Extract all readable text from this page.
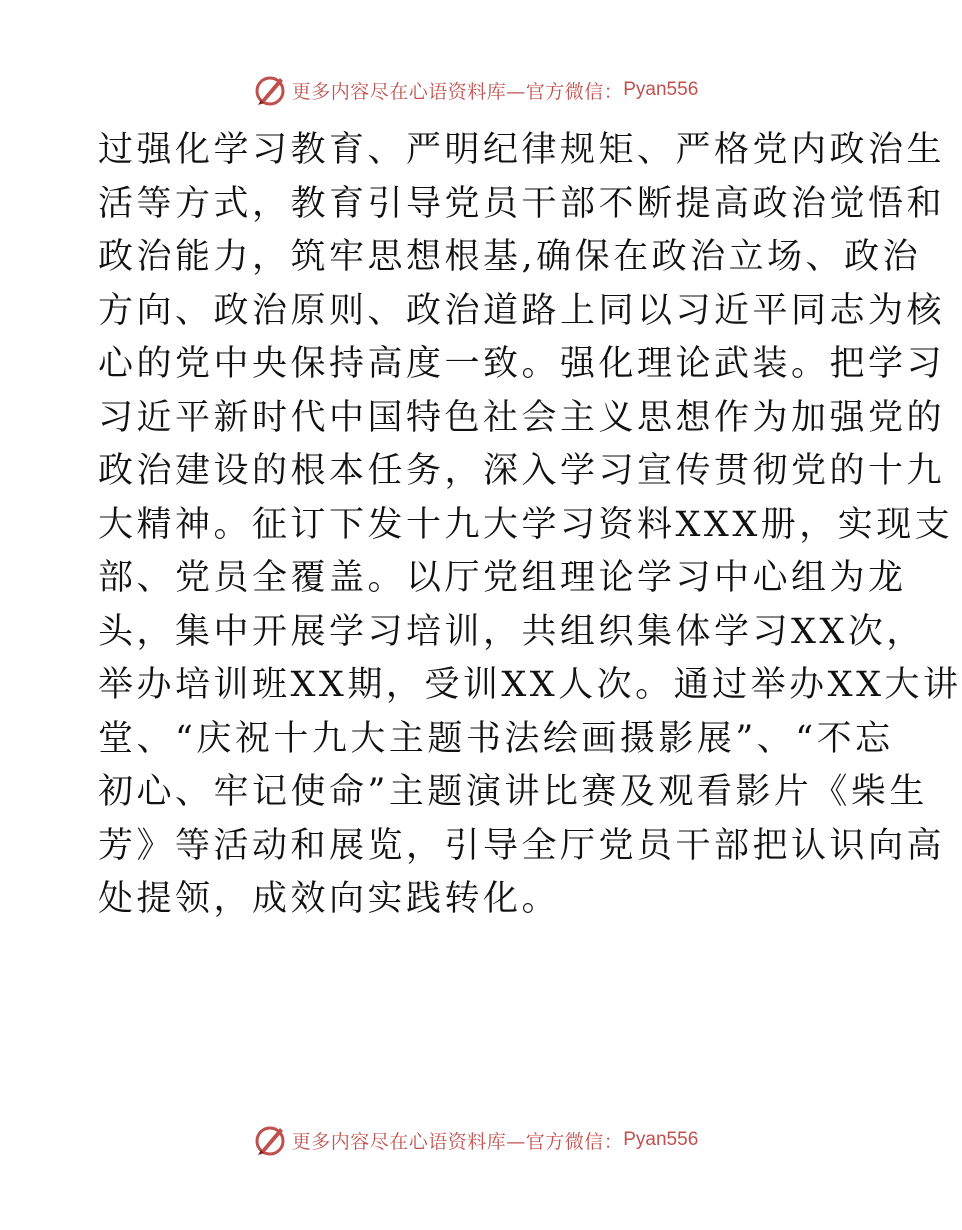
更多内容尽在心语资料库— 官方微信： Pyan556
过强化学习教育、严明纪律规矩、严格党内政治生
活等方式，教育引导党员干部不断提高政治觉悟和
政治能力，筑牢思想根基,确保在政治立场、政治
方向、政治原则、政治道路上同以习近平同志为核
心的党中央保持高度一致。强化理论武装。把学习
习近平新时代中国特色社会主义思想作为加强党的
政治建设的根本任务，深入学习宣传贯彻党的十九
大精神。征订下发十九大学习资料XXX册，实现支
部、党员全覆盖。以厅党组理论学习中心组为龙
头，集中开展学习培训，共组织集体学习XX次，
举办培训班XX期，受训XX人次。通过举办XX大讲
堂、“庆祝十九大主题书法绘画摄影展”、“不忘
初心、牢记使命”主题演讲比赛及观看影片《柴生
芳》等活动和展览，引导全厅党员干部把认识向高
处提领，成效向实践转化。
更多内容尽在心语资料库— 官方微信： Pyan556
